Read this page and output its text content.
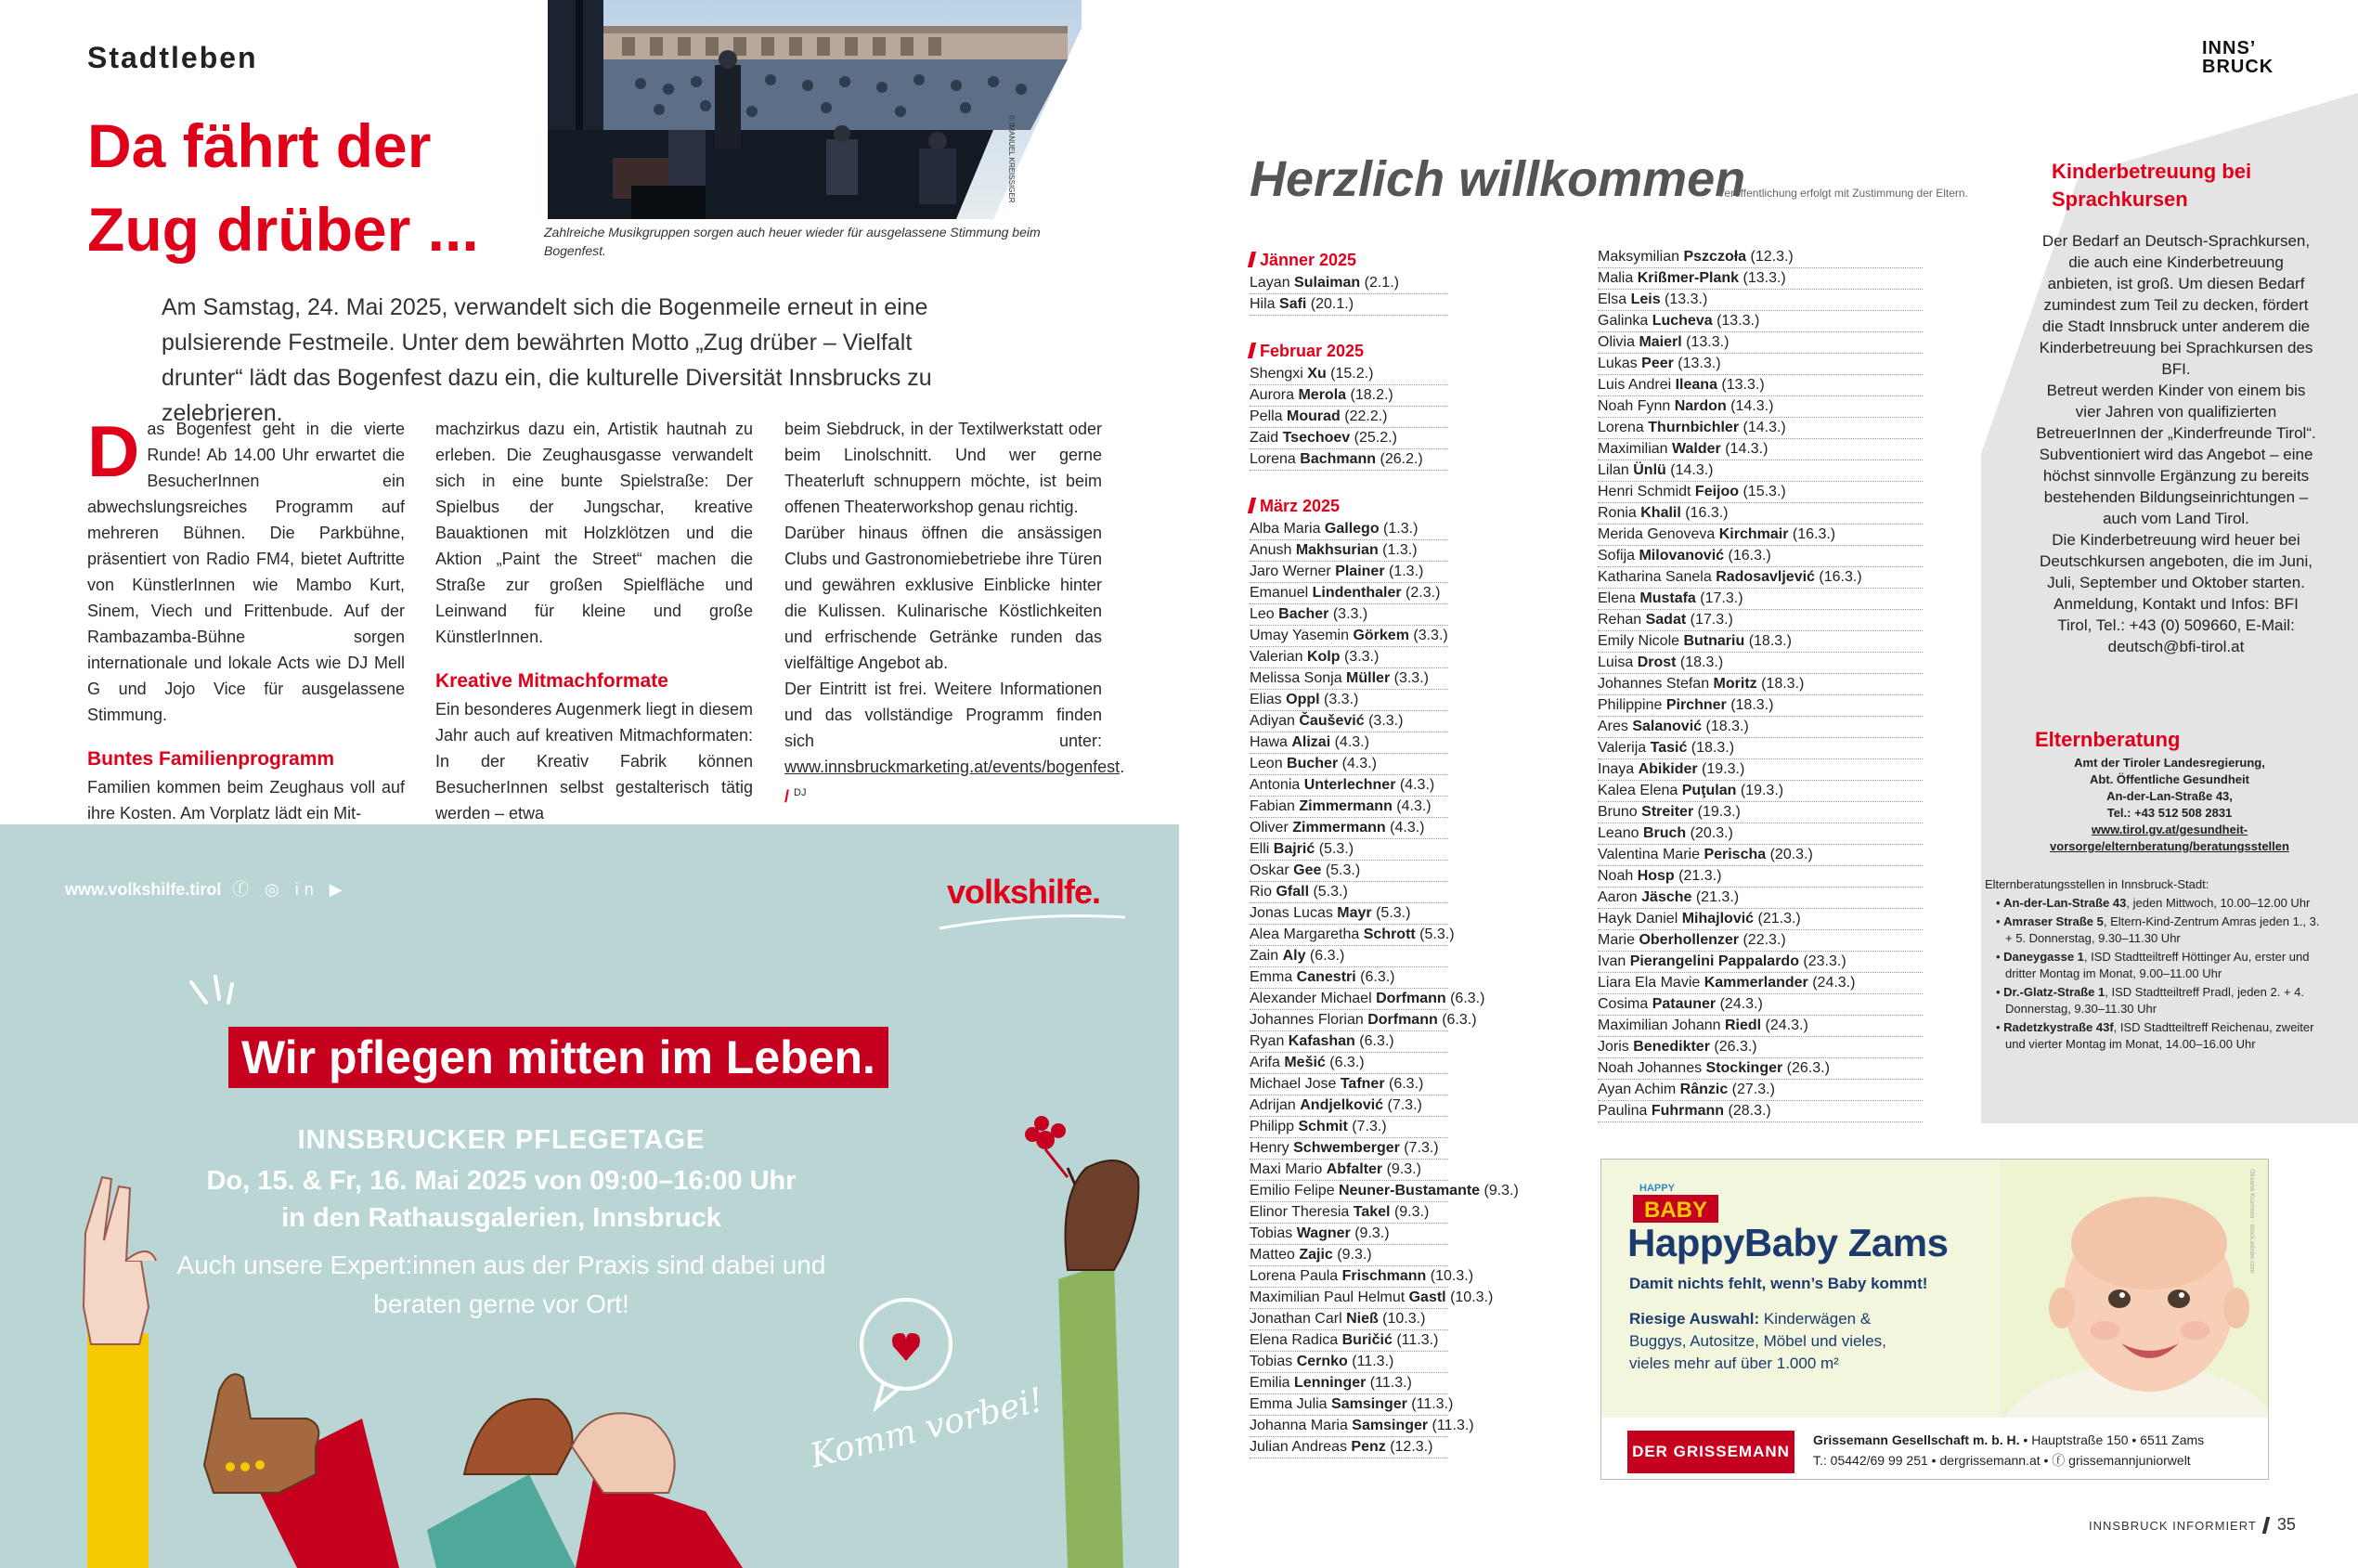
Stadtleben
Da fährt der Zug drüber ...
© IMANUEL KREISSIGER
Zahlreiche Musikgruppen sorgen auch heuer wieder für ausgelassene Stimmung beim Bogenfest.
Am Samstag, 24. Mai 2025, verwandelt sich die Bogenmeile erneut in eine pulsierende Festmeile. Unter dem bewährten Motto „Zug drüber – Vielfalt drunter“ lädt das Bogenfest dazu ein, die kulturelle Diversität Innsbrucks zu zelebrieren.
D as Bogenfest geht in die vierte Runde! Ab 14.00 Uhr erwartet die BesucherInnen ein abwechslungsreiches Programm auf mehreren Bühnen. Die Parkbühne, präsentiert von Radio FM4, bietet Auftritte von KünstlerInnen wie Mambo Kurt, Sinem, Viech und Frittenbude. Auf der Rambazamba-Bühne sorgen internationale und lokale Acts wie DJ Mell G und Jojo Vice für ausgelassene Stimmung.
Buntes Familienprogramm

Familien kommen beim Zeughaus voll auf ihre Kosten. Am Vorplatz lädt ein Mit-

machzirkus dazu ein, Artistik hautnah zu erleben. Die Zeughausgasse verwandelt sich in eine bunte Spielstraße: Der Spielbus der Jungschar, kreative Bauaktionen mit Holzklötzen und die Aktion „Paint the Street“ machen die Straße zur großen Spielfläche und Leinwand für kleine und große KünstlerInnen.

Kreative Mitmachformate

Ein besonderes Augenmerk liegt in diesem Jahr auch auf kreativen Mitmachformaten: In der Kreativ Fabrik können BesucherInnen selbst gestalterisch tätig werden – etwa

beim Siebdruck, in der Textilwerkstatt oder beim Linolschnitt. Und wer gerne Theaterluft schnuppern möchte, ist beim offenen Theaterworkshop genau richtig.

Darüber hinaus öffnen die ansässigen Clubs und Gastronomiebetriebe ihre Türen und gewähren exklusive Einblicke hinter die Kulissen. Kulinarische Köstlichkeiten und erfrischende Getränke runden das vielfältige Angebot ab.

Der Eintritt ist frei. Weitere Informationen und das vollständige Programm finden sich unter: www.innsbruckmarketing.at/events/bogenfest. / $^{DJ}$

www.volkshilfe.tirol ⓕ ◎ in ▶	volkshilfe.
Wir pflegen mitten im Leben.
INNSBRUCKER PFLEGETAGE
Do, 15. & Fr, 16. Mai 2025 von 09:00–16:00 Uhr
in den Rathausgalerien, Innsbruck
Auch unsere Expert:innen aus der Praxis sind dabei und
beraten gerne vor Ort!
Komm vorbei!
INNS’
BRUCK
Herzlich willkommen
Veröffentlichung erfolgt mit Zustimmung der Eltern.
Jänner 2025
Layan Sulaiman (2.1.)
Hila Safi (20.1.)
Februar 2025
Shengxi Xu (15.2.)
Aurora Merola (18.2.)
Pella Mourad (22.2.)
Zaid Tsechoev (25.2.)
Lorena Bachmann (26.2.)
März 2025
Alba Maria Gallego (1.3.)
Anush Makhsurian (1.3.)
Jaro Werner Plainer (1.3.)
Emanuel Lindenthaler (2.3.)
Leo Bacher (3.3.)
Umay Yasemin Görkem (3.3.)
Valerian Kolp (3.3.)
Melissa Sonja Müller (3.3.)
Elias Oppl (3.3.)
Adiyan Čaušević (3.3.)
Hawa Alizai (4.3.)
Leon Bucher (4.3.)
Antonia Unterlechner (4.3.)
Fabian Zimmermann (4.3.)
Oliver Zimmermann (4.3.)
Elli Bajrić (5.3.)
Oskar Gee (5.3.)
Rio Gfall (5.3.)
Jonas Lucas Mayr (5.3.)
Alea Margaretha Schrott (5.3.)
Zain Aly (6.3.)
Emma Canestri (6.3.)
Alexander Michael Dorfmann (6.3.)
Johannes Florian Dorfmann (6.3.)
Ryan Kafashan (6.3.)
Arifa Mešić (6.3.)
Michael Jose Tafner (6.3.)
Adrijan Andjelković (7.3.)
Philipp Schmit (7.3.)
Henry Schwemberger (7.3.)
Maxi Mario Abfalter (9.3.)
Emilio Felipe Neuner-Bustamante (9.3.)
Elinor Theresia Takel (9.3.)
Tobias Wagner (9.3.)
Matteo Zajic (9.3.)
Lorena Paula Frischmann (10.3.)
Maximilian Paul Helmut Gastl (10.3.)
Jonathan Carl Nieß (10.3.)
Elena Radica Buričić (11.3.)
Tobias Cernko (11.3.)
Emilia Lenninger (11.3.)
Emma Julia Samsinger (11.3.)
Johanna Maria Samsinger (11.3.)
Julian Andreas Penz (12.3.)
Maksymilian Pszczoła (12.3.)
Malia Krißmer-Plank (13.3.)
Elsa Leis (13.3.)
Galinka Lucheva (13.3.)
Olivia Maierl (13.3.)
Lukas Peer (13.3.)
Luis Andrei Ileana (13.3.)
Noah Fynn Nardon (14.3.)
Lorena Thurnbichler (14.3.)
Maximilian Walder (14.3.)
Lilan Ünlü (14.3.)
Henri Schmidt Feijoo (15.3.)
Ronia Khalil (16.3.)
Merida Genoveva Kirchmair (16.3.)
Sofija Milovanović (16.3.)
Katharina Sanela Radosavljević (16.3.)
Elena Mustafa (17.3.)
Rehan Sadat (17.3.)
Emily Nicole Butnariu (18.3.)
Luisa Drost (18.3.)
Johannes Stefan Moritz (18.3.)
Philippine Pirchner (18.3.)
Ares Salanović (18.3.)
Valerija Tasić (18.3.)
Inaya Abikider (19.3.)
Kalea Elena Puţulan (19.3.)
Bruno Streiter (19.3.)
Leano Bruch (20.3.)
Valentina Marie Perischa (20.3.)
Noah Hosp (21.3.)
Aaron Jäsche (21.3.)
Hayk Daniel Mihajlović (21.3.)
Marie Oberhollenzer (22.3.)
Ivan Pierangelini Pappalardo (23.3.)
Liara Ela Mavie Kammerlander (24.3.)
Cosima Patauner (24.3.)
Maximilian Johann Riedl (24.3.)
Joris Benedikter (26.3.)
Noah Johannes Stockinger (26.3.)
Ayan Achim Rânzic (27.3.)
Paulina Fuhrmann (28.3.)
Kinderbetreuung bei Sprachkursen

Der Bedarf an Deutsch-Sprachkursen, die auch eine Kinderbetreuung anbieten, ist groß. Um diesen Bedarf zumindest zum Teil zu decken, fördert die Stadt Innsbruck unter anderem die Kinderbetreuung bei Sprachkursen des BFI.

Betreut werden Kinder von einem bis vier Jahren von qualifizierten BetreuerInnen der „Kinderfreunde Tirol“. Subventioniert wird das Angebot – eine höchst sinnvolle Ergänzung zu bereits bestehenden Bildungseinrichtungen – auch vom Land Tirol.

Die Kinderbetreuung wird heuer bei Deutschkursen angeboten, die im Juni, Juli, September und Oktober starten. Anmeldung, Kontakt und Infos: BFI Tirol, Tel.: +43 (0) 509660, E-Mail: deutsch@bfi-tirol.at

Elternberatung
Amt der Tiroler Landesregierung,
Abt. Öffentliche Gesundheit
An-der-Lan-Straße 43,
Tel.: +43 512 508 2831
www.tirol.gv.at/gesundheit-vorsorge/elternberatung/beratungsstellen
Elternberatungsstellen in Innsbruck-Stadt:
• An-der-Lan-Straße 43, jeden Mittwoch, 10.00–12.00 Uhr
• Amraser Straße 5, Eltern-Kind-Zentrum Amras jeden 1., 3. + 5. Donnerstag, 9.30–11.30 Uhr
• Daneygasse 1, ISD Stadtteiltreff Höttinger Au, erster und dritter Montag im Monat, 9.00–11.00 Uhr
• Dr.-Glatz-Straße 1, ISD Stadtteiltreff Pradl, jeden 2. + 4. Donnerstag, 9.30–11.30 Uhr
• Radetzkystraße 43f, ISD Stadtteiltreff Reichenau, zweiter und vierter Montag im Monat, 14.00–16.00 Uhr
BABY
HAPPY
HappyBaby Zams
Damit nichts fehlt, wenn’s Baby kommt!
Riesige Auswahl: Kinderwägen & Buggys, Autositze, Möbel und vieles, vieles mehr auf über 1.000 m²
Oksana Kuzmina - stock.adobe.com
DER GRISSEMANN
Grissemann Gesellschaft m. b. H. • Hauptstraße 150 • 6511 Zams
T.: 05442/69 99 251 • dergrissemann.at • ⓕ grissemannjuniorwelt
INNSBRUCK INFORMIERT 35
